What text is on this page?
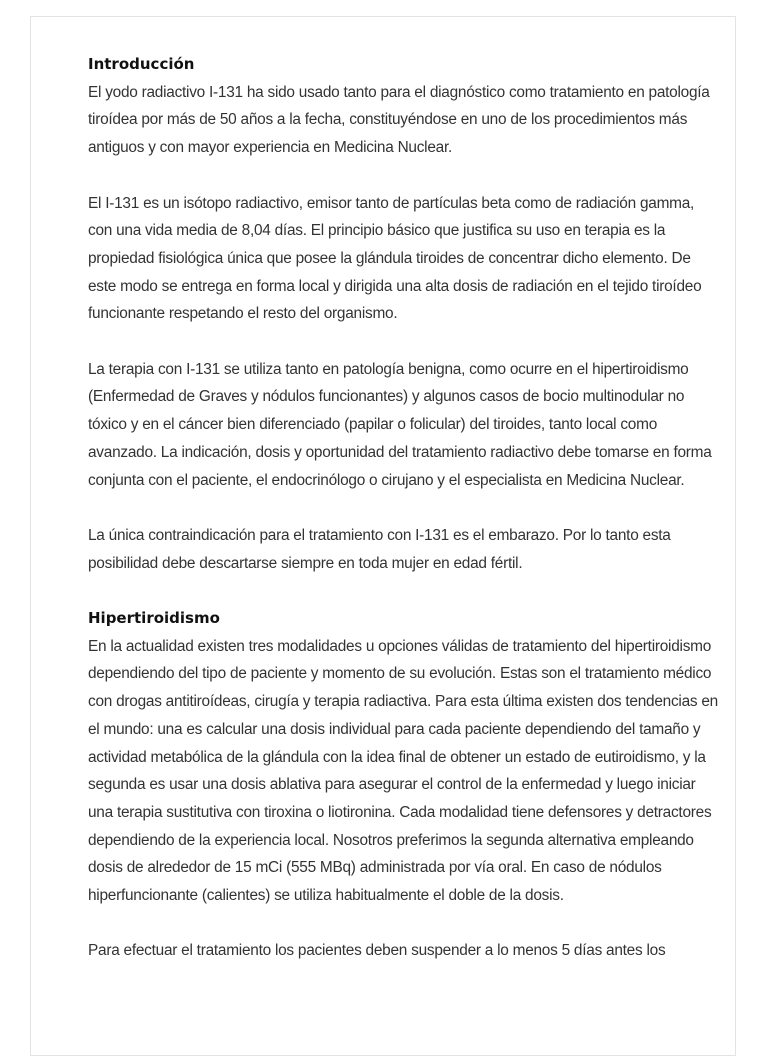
Introducción

El yodo radiactivo I-131 ha sido usado tanto para el diagnóstico como tratamiento en patología tiroídea por más de 50 años a la fecha, constituyéndose en uno de los procedimientos más antiguos y con mayor experiencia en Medicina Nuclear.

El I-131 es un isótopo radiactivo, emisor tanto de partículas beta como de radiación gamma, con una vida media de 8,04 días. El principio básico que justifica su uso en terapia es la propiedad fisiológica única que posee la glándula tiroides de concentrar dicho elemento. De este modo se entrega en forma local y dirigida una alta dosis de radiación en el tejido tiroídeo funcionante respetando el resto del organismo.

La terapia con I-131 se utiliza tanto en patología benigna, como ocurre en el hipertiroidismo (Enfermedad de Graves y nódulos funcionantes) y algunos casos de bocio multinodular no tóxico y en el cáncer bien diferenciado (papilar o folicular) del tiroides, tanto local como avanzado. La indicación, dosis y oportunidad del tratamiento radiactivo debe tomarse en forma conjunta con el paciente, el endocrinólogo o cirujano y el especialista en Medicina Nuclear.

La única contraindicación para el tratamiento con I-131 es el embarazo. Por lo tanto esta posibilidad debe descartarse siempre en toda mujer en edad fértil.

Hipertiroidismo

En la actualidad existen tres modalidades u opciones válidas de tratamiento del hipertiroidismo dependiendo del tipo de paciente y momento de su evolución. Estas son el tratamiento médico con drogas antitiroídeas, cirugía y terapia radiactiva. Para esta última existen dos tendencias en el mundo: una es calcular una dosis individual para cada paciente dependiendo del tamaño y actividad metabólica de la glándula con la idea final de obtener un estado de eutiroidismo, y la segunda es usar una dosis ablativa para asegurar el control de la enfermedad y luego iniciar una terapia sustitutiva con tiroxina o liotironina. Cada modalidad tiene defensores y detractores dependiendo de la experiencia local. Nosotros preferimos la segunda alternativa empleando dosis de alrededor de 15 mCi (555 MBq) administrada por vía oral. En caso de nódulos hiperfuncionante (calientes) se utiliza habitualmente el doble de la dosis.

Para efectuar el tratamiento los pacientes deben suspender a lo menos 5 días antes los
